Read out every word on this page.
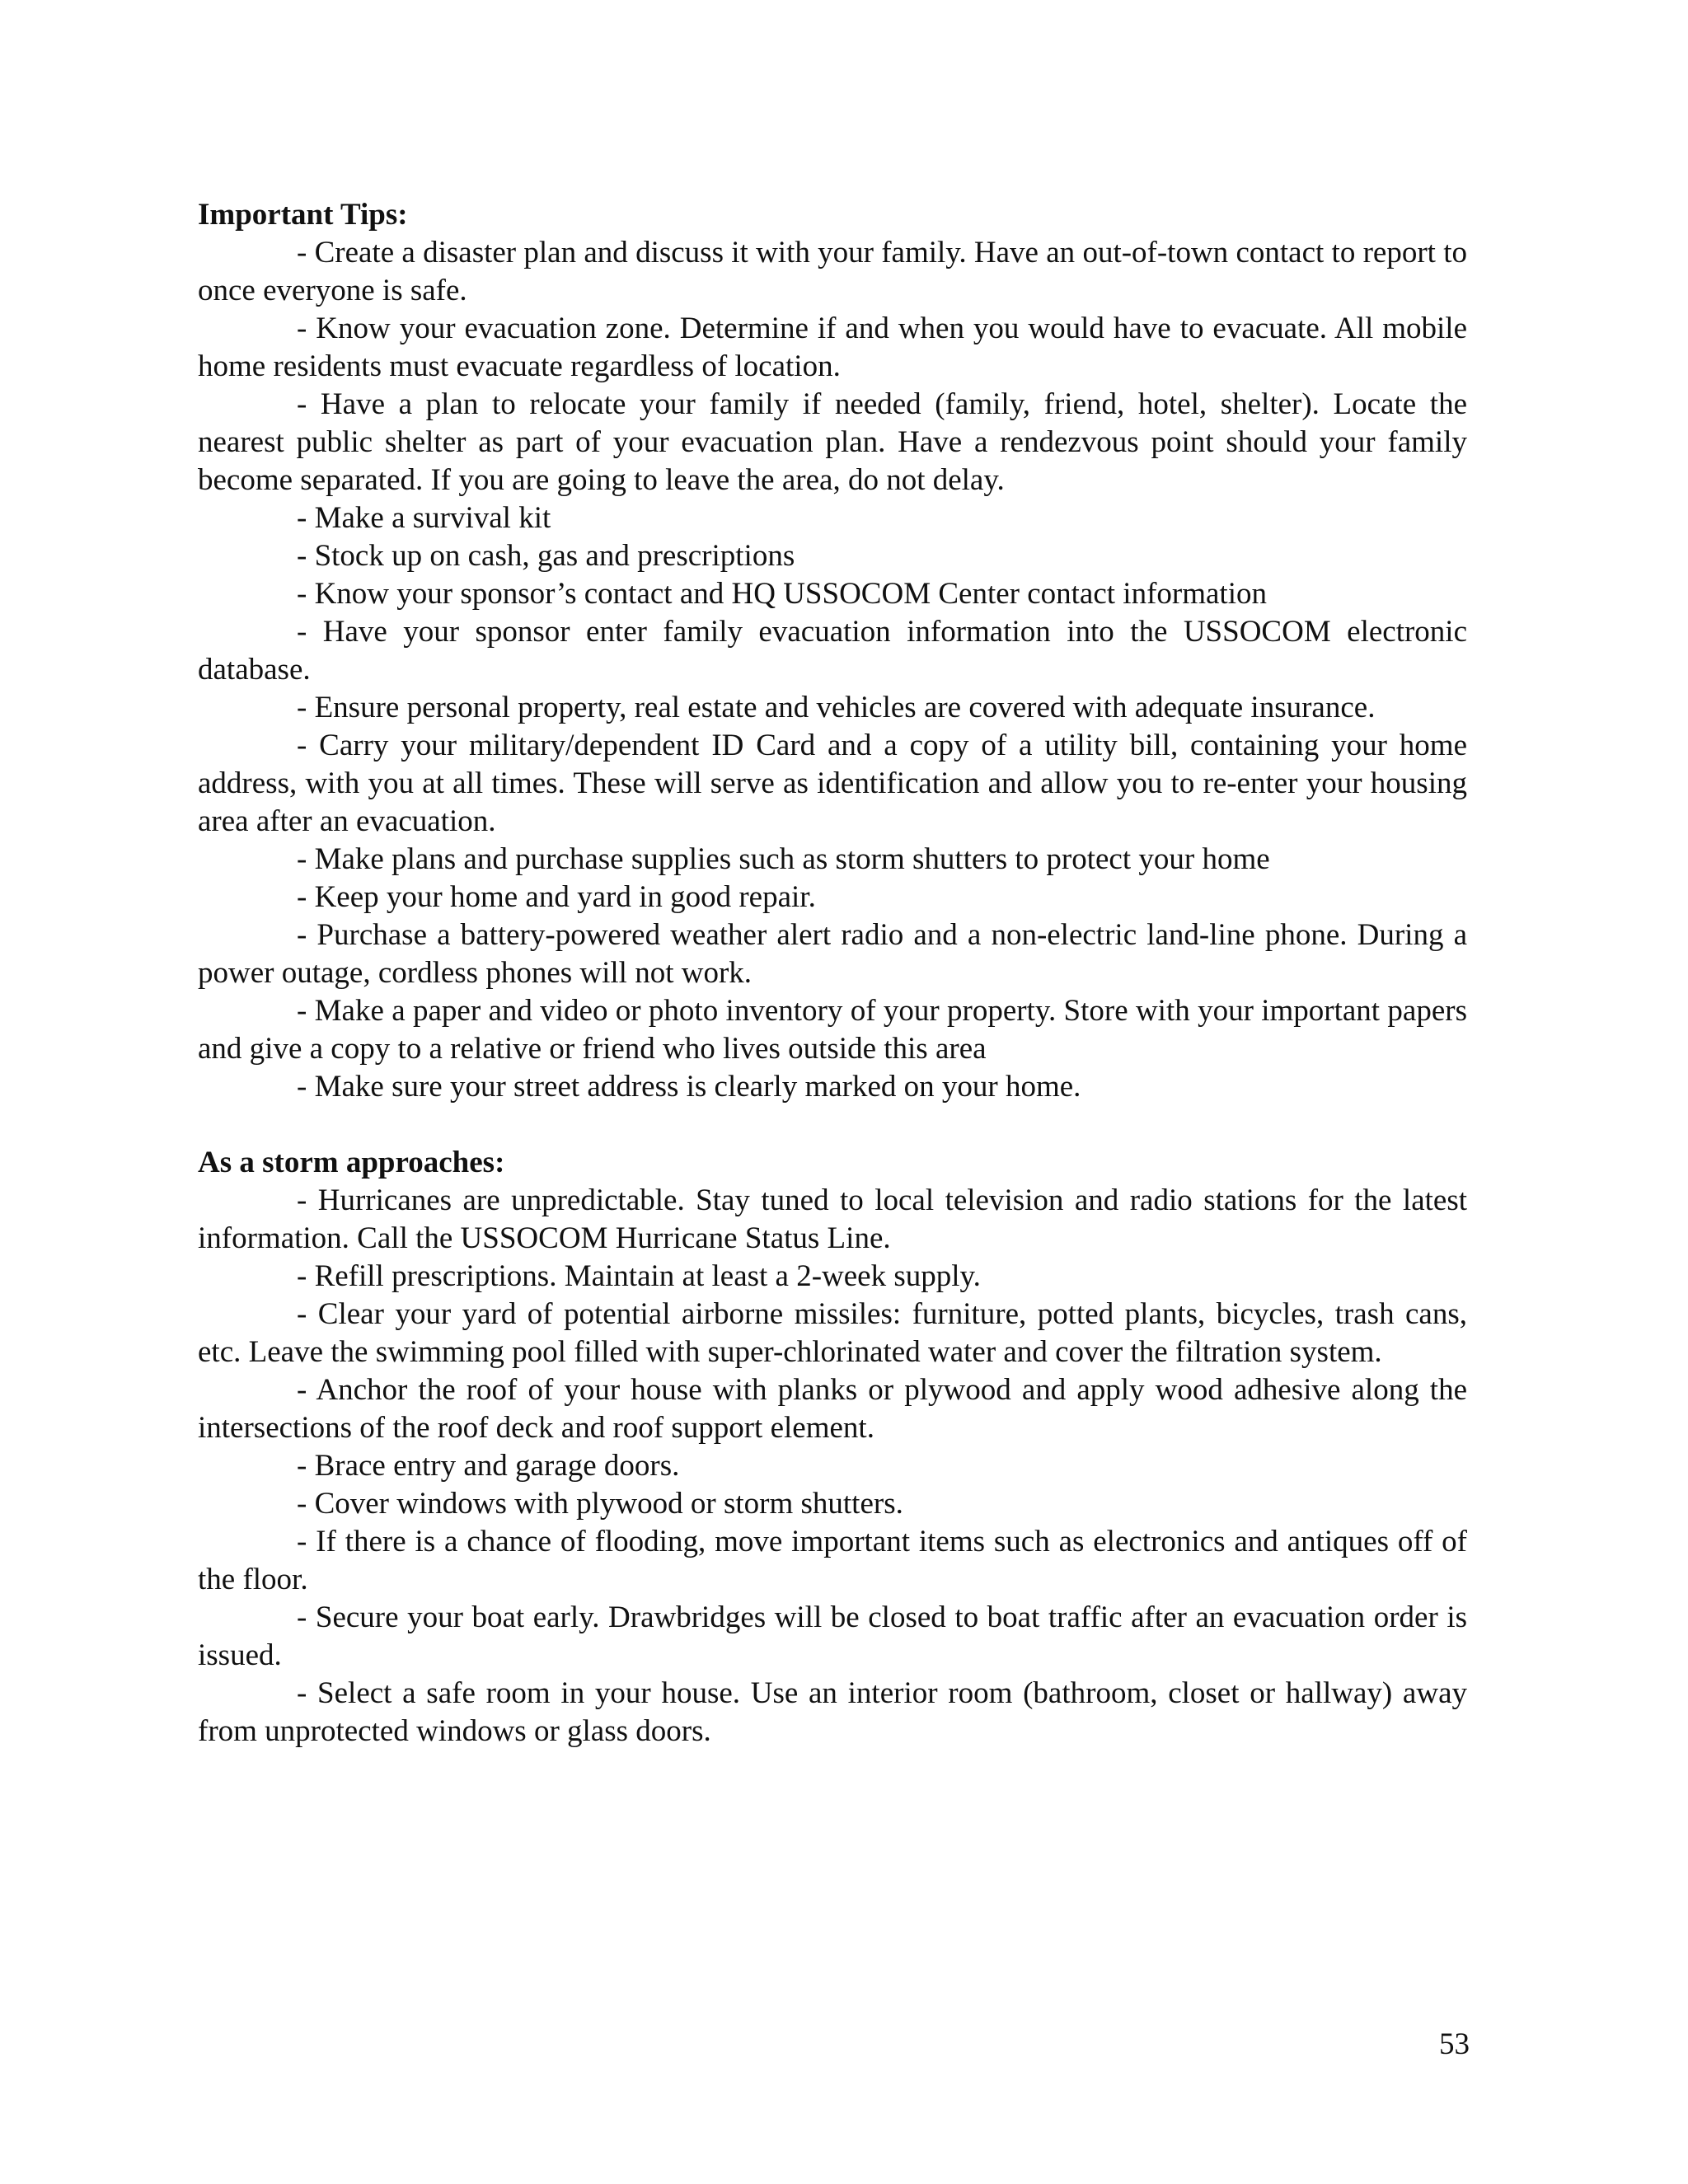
Important Tips:

- Create a disaster plan and discuss it with your family. Have an out-of-town contact to report to once everyone is safe.

- Know your evacuation zone. Determine if and when you would have to evacuate. All mobile home residents must evacuate regardless of location.

- Have a plan to relocate your family if needed (family, friend, hotel, shelter). Locate the nearest public shelter as part of your evacuation plan. Have a rendezvous point should your family become separated. If you are going to leave the area, do not delay.

- Make a survival kit

- Stock up on cash, gas and prescriptions

- Know your sponsor’s contact and HQ USSOCOM Center contact information

- Have your sponsor enter family evacuation information into the USSOCOM electronic database.

- Ensure personal property, real estate and vehicles are covered with adequate insurance.

- Carry your military/dependent ID Card and a copy of a utility bill, containing your home address, with you at all times. These will serve as identification and allow you to re-enter your housing area after an evacuation.

- Make plans and purchase supplies such as storm shutters to protect your home

- Keep your home and yard in good repair.

- Purchase a battery-powered weather alert radio and a non-electric land-line phone. During a power outage, cordless phones will not work.

- Make a paper and video or photo inventory of your property. Store with your important papers and give a copy to a relative or friend who lives outside this area

- Make sure your street address is clearly marked on your home.

As a storm approaches:

- Hurricanes are unpredictable. Stay tuned to local television and radio stations for the latest information. Call the USSOCOM Hurricane Status Line.

- Refill prescriptions. Maintain at least a 2-week supply.

- Clear your yard of potential airborne missiles: furniture, potted plants, bicycles, trash cans, etc. Leave the swimming pool filled with super-chlorinated water and cover the filtration system.

- Anchor the roof of your house with planks or plywood and apply wood adhesive along the intersections of the roof deck and roof support element.

- Brace entry and garage doors.

- Cover windows with plywood or storm shutters.

- If there is a chance of flooding, move important items such as electronics and antiques off of the floor.

- Secure your boat early. Drawbridges will be closed to boat traffic after an evacuation order is issued.

- Select a safe room in your house. Use an interior room (bathroom, closet or hallway) away from unprotected windows or glass doors.

53
